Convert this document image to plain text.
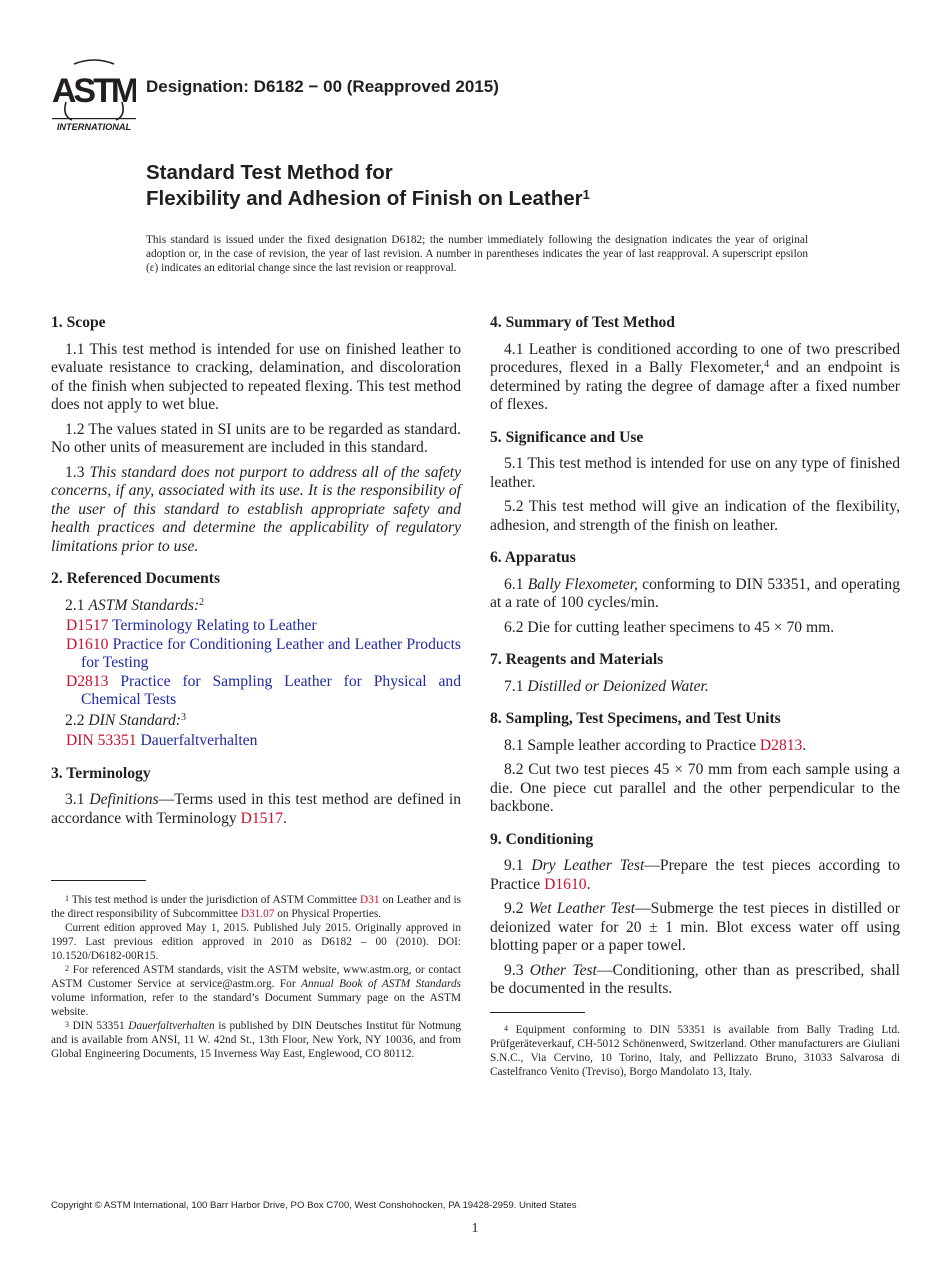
ASTM
INTERNATIONAL
Designation: D6182 − 00 (Reapproved 2015)
Standard Test Method for
Flexibility and Adhesion of Finish on Leather$^1$
This standard is issued under the fixed designation D6182; the number immediately following the designation indicates the year of original adoption or, in the case of revision, the year of last revision. A number in parentheses indicates the year of last reapproval. A superscript epsilon (ε) indicates an editorial change since the last revision or reapproval.
1. Scope

1.1 This test method is intended for use on finished leather to evaluate resistance to cracking, delamination, and discoloration of the finish when subjected to repeated flexing. This test method does not apply to wet blue.

1.2 The values stated in SI units are to be regarded as standard. No other units of measurement are included in this standard.

1.3 This standard does not purport to address all of the safety concerns, if any, associated with its use. It is the responsibility of the user of this standard to establish appropriate safety and health practices and determine the applicability of regulatory limitations prior to use.

2. Referenced Documents

2.1 ASTM Standards:$^2$

D1517 Terminology Relating to Leather

D1610 Practice for Conditioning Leather and Leather Products for Testing

D2813 Practice for Sampling Leather for Physical and Chemical Tests

2.2 DIN Standard:$^3$

DIN 53351 Dauerfaltverhalten

3. Terminology

3.1 Definitions—Terms used in this test method are defined in accordance with Terminology D1517.

4. Summary of Test Method

4.1 Leather is conditioned according to one of two prescribed procedures, flexed in a Bally Flexometer,$^4$ and an endpoint is determined by rating the degree of damage after a fixed number of flexes.

5. Significance and Use

5.1 This test method is intended for use on any type of finished leather.

5.2 This test method will give an indication of the flexibility, adhesion, and strength of the finish on leather.

6. Apparatus

6.1 Bally Flexometer, conforming to DIN 53351, and operating at a rate of 100 cycles/min.

6.2 Die for cutting leather specimens to 45 × 70 mm.

7. Reagents and Materials

7.1 Distilled or Deionized Water.

8. Sampling, Test Specimens, and Test Units

8.1 Sample leather according to Practice D2813.

8.2 Cut two test pieces 45 × 70 mm from each sample using a die. One piece cut parallel and the other perpendicular to the backbone.

9. Conditioning

9.1 Dry Leather Test—Prepare the test pieces according to Practice D1610.

9.2 Wet Leather Test—Submerge the test pieces in distilled or deionized water for 20 ± 1 min. Blot excess water off using blotting paper or a paper towel.

9.3 Other Test—Conditioning, other than as prescribed, shall be documented in the results.

$^1$ This test method is under the jurisdiction of ASTM Committee D31 on Leather and is the direct responsibility of Subcommittee D31.07 on Physical Properties.

Current edition approved May 1, 2015. Published July 2015. Originally approved in 1997. Last previous edition approved in 2010 as D6182 – 00 (2010). DOI: 10.1520/D6182-00R15.

$^2$ For referenced ASTM standards, visit the ASTM website, www.astm.org, or contact ASTM Customer Service at service@astm.org. For Annual Book of ASTM Standards volume information, refer to the standard’s Document Summary page on the ASTM website.

$^3$ DIN 53351 Dauerfaltverhalten is published by DIN Deutsches Institut für Notmung and is available from ANSI, 11 W. 42nd St., 13th Floor, New York, NY 10036, and from Global Engineering Documents, 15 Inverness Way East, Englewood, CO 80112.

$^4$ Equipment conforming to DIN 53351 is available from Bally Trading Ltd. Prüfgeräteverkauf, CH-5012 Schönenwerd, Switzerland. Other manufacturers are Giuliani S.N.C., Via Cervino, 10 Torino, Italy, and Pellizzato Bruno, 31033 Salvarosa di Castelfranco Venito (Treviso), Borgo Mandolato 13, Italy.

Copyright © ASTM International, 100 Barr Harbor Drive, PO Box C700, West Conshohocken, PA 19428-2959. United States
1
